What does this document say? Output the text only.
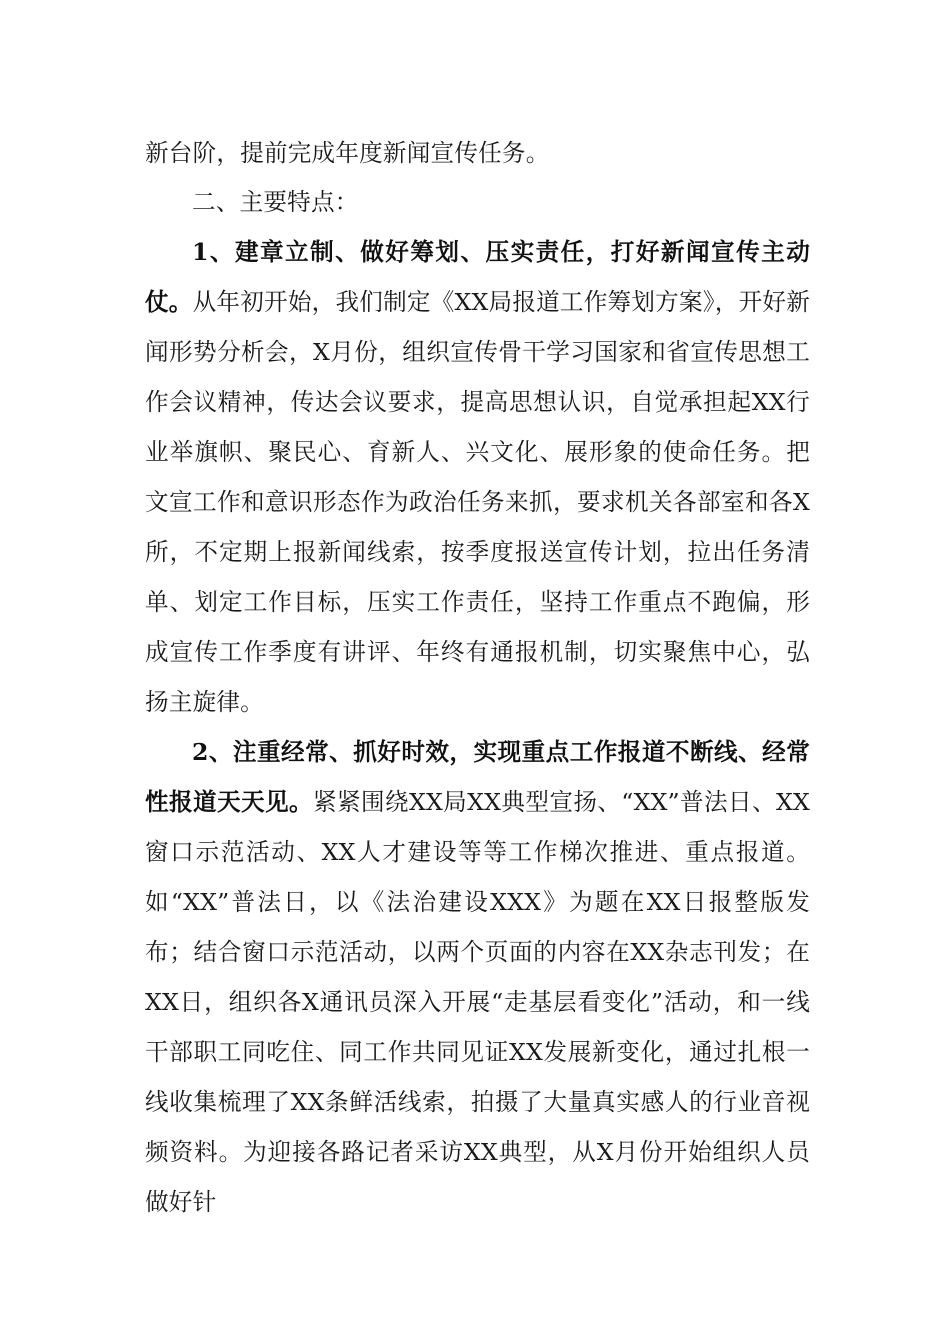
新台阶，提前完成年度新闻宣传任务。
二、主要特点：
1、建章立制、做好筹划、压实责任，打好新闻宣传主动仗。从年初开始，我们制定《XX局报道工作筹划方案》，开好新闻形势分析会，X月份，组织宣传骨干学习国家和省宣传思想工作会议精神，传达会议要求，提高思想认识，自觉承担起XX行业举旗帜、聚民心、育新人、兴文化、展形象的使命任务。把文宣工作和意识形态作为政治任务来抓，要求机关各部室和各X所，不定期上报新闻线索，按季度报送宣传计划，拉出任务清单、划定工作目标，压实工作责任，坚持工作重点不跑偏，形成宣传工作季度有讲评、年终有通报机制，切实聚焦中心，弘扬主旋律。
2、注重经常、抓好时效，实现重点工作报道不断线、经常性报道天天见。紧紧围绕XX局XX典型宣扬、“XX”普法日、XX窗口示范活动、XX人才建设等等工作梯次推进、重点报道。如“XX”普法日，以《法治建设XXX》为题在XX日报整版发布；结合窗口示范活动，以两个页面的内容在XX杂志刊发；在XX日，组织各X通讯员深入开展“走基层看变化”活动，和一线干部职工同吃住、同工作共同见证XX发展新变化，通过扎根一线收集梳理了XX条鲜活线索，拍摄了大量真实感人的行业音视频资料。为迎接各路记者采访XX典型，从X月份开始组织人员做好针
